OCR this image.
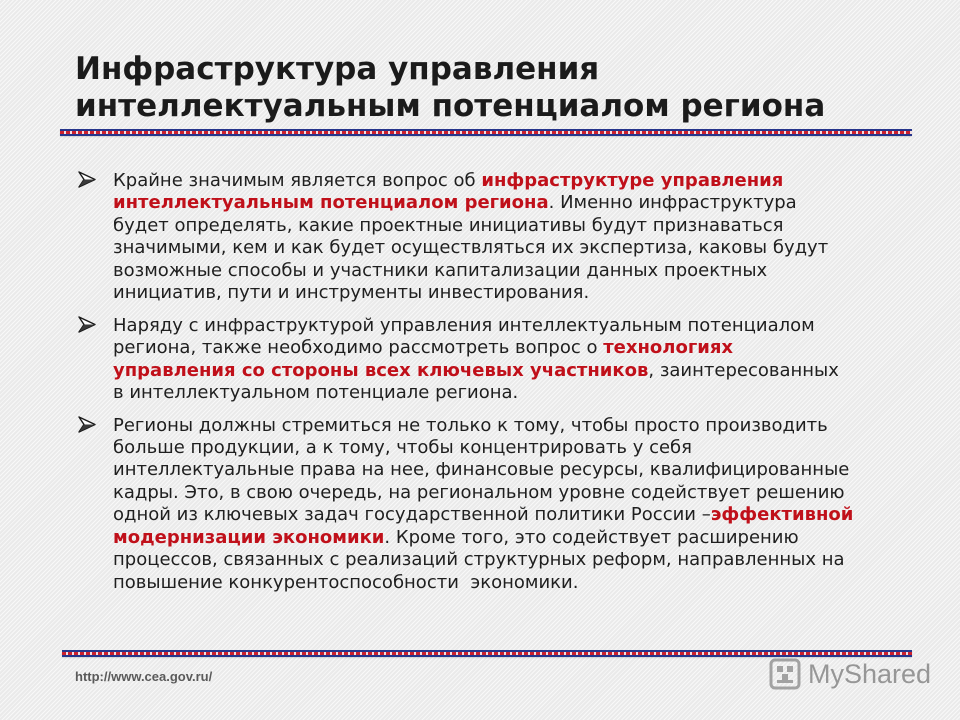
Инфраструктура управления
интеллектуальным потенциалом региона
Крайне значимым является вопрос об инфраструктуре управления
интеллектуальным потенциалом региона. Именно инфраструктура
будет определять, какие проектные инициативы будут признаваться
значимыми, кем и как будет осуществляться их экспертиза, каковы будут
возможные способы и участники капитализации данных проектных
инициатив, пути и инструменты инвестирования.
Наряду с инфраструктурой управления интеллектуальным потенциалом
региона, также необходимо рассмотреть вопрос о технологиях
управления со стороны всех ключевых участников, заинтересованных
в интеллектуальном потенциале региона.
Регионы должны стремиться не только к тому, чтобы просто производить
больше продукции, а к тому, чтобы концентрировать у себя
интеллектуальные права на нее, финансовые ресурсы, квалифицированные
кадры. Это, в свою очередь, на региональном уровне содействует решению
одной из ключевых задач государственной политики России –эффективной
модернизации экономики. Кроме того, это содействует расширению
процессов, связанных с реализаций структурных реформ, направленных на
повышение конкурентоспособности  экономики.
http://www.cea.gov.ru/	MyShared
